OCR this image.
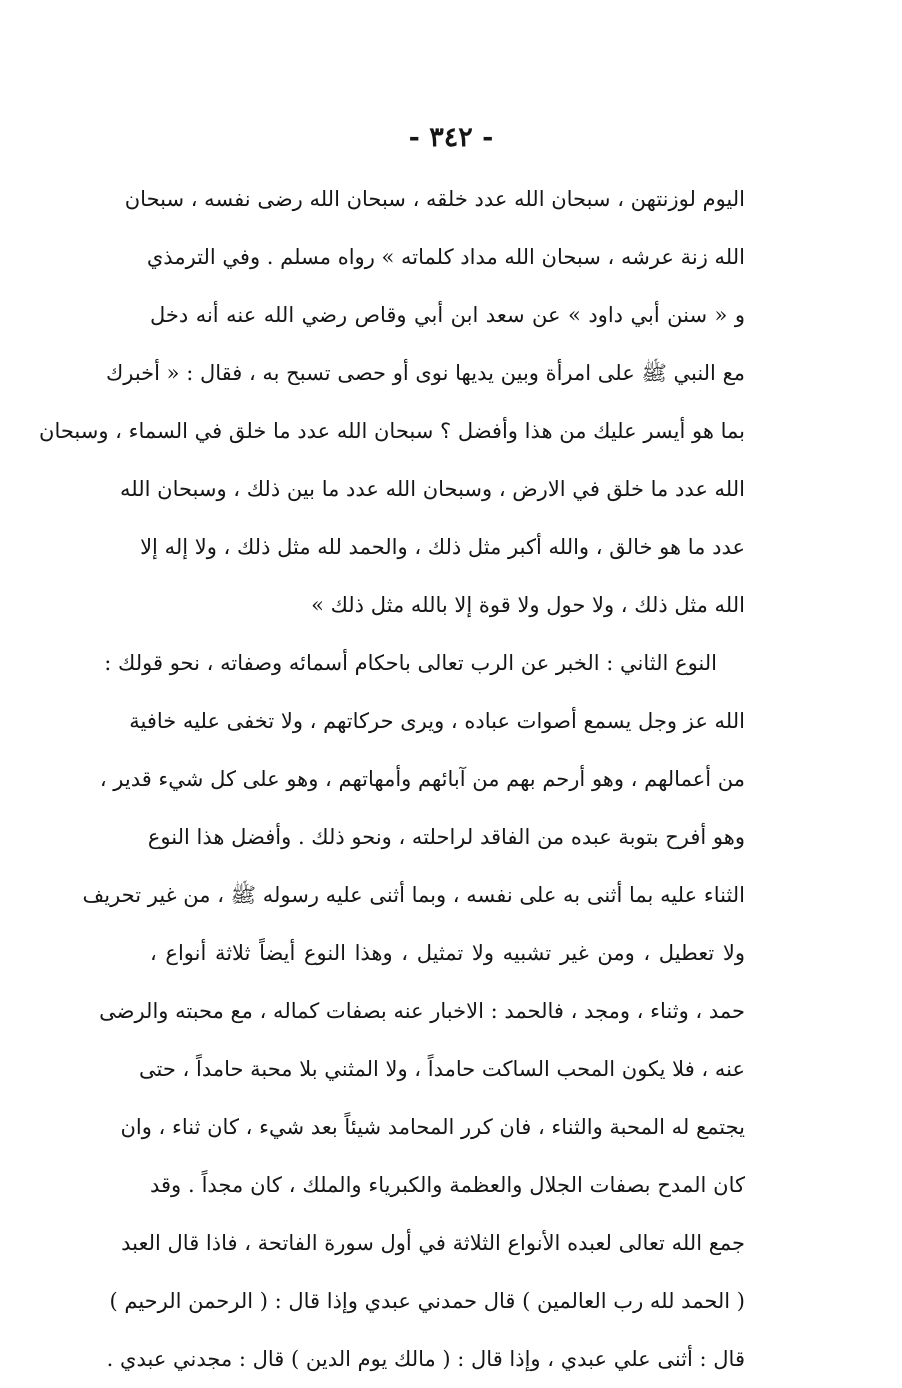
- ٣٤٢ -
اليوم لوزنتهن ، سبحان الله عدد خلقه ، سبحان الله رضى نفسه ، سبحان
الله زنة عرشه ، سبحان الله مداد كلماته » رواه مسلم . وفي الترمذي
و « سنن أبي داود » عن سعد ابن أبي وقاص رضي الله عنه أنه دخل
مع النبي ﷺ على امرأة وبين يديها نوى أو حصى تسبح به ، فقال : « أخبرك
بما هو أيسر عليك من هذا وأفضل ؟ سبحان الله عدد ما خلق في السماء ، وسبحان
الله عدد ما خلق في الارض ، وسبحان الله عدد ما بين ذلك ، وسبحان الله
عدد ما هو خالق ، والله أكبر مثل ذلك ، والحمد لله مثل ذلك ، ولا إله إلا
الله مثل ذلك ، ولا حول ولا قوة إلا بالله مثل ذلك »
النوع الثاني : الخبر عن الرب تعالى باحكام أسمائه وصفاته ، نحو قولك :
الله عز وجل يسمع أصوات عباده ، ويرى حركاتهم ، ولا تخفى عليه خافية
من أعمالهم ، وهو أرحم بهم من آبائهم وأمهاتهم ، وهو على كل شيء قدير ،
وهو أفرح بتوبة عبده من الفاقد لراحلته ، ونحو ذلك . وأفضل هذا النوع
الثناء عليه بما أثنى به على نفسه ، وبما أثنى عليه رسوله ﷺ ، من غير تحريف
ولا تعطيل ، ومن غير تشبيه ولا تمثيل ، وهذا النوع أيضاً ثلاثة أنواع ،
حمد ، وثناء ، ومجد ، فالحمد : الاخبار عنه بصفات كماله ، مع محبته والرضى
عنه ، فلا يكون المحب الساكت حامداً ، ولا المثني بلا محبة حامداً ، حتى
يجتمع له المحبة والثناء ، فان كرر المحامد شيئاً بعد شيء ، كان ثناء ، وان
كان المدح بصفات الجلال والعظمة والكبرياء والملك ، كان مجداً . وقد
جمع الله تعالى لعبده الأنواع الثلاثة في أول سورة الفاتحة ، فاذا قال العبد
( الحمد لله رب العالمين ) قال حمدني عبدي وإذا قال : ( الرحمن الرحيم )
قال : أثنى علي عبدي ، وإذا قال : ( مالك يوم الدين ) قال : مجدني عبدي .
